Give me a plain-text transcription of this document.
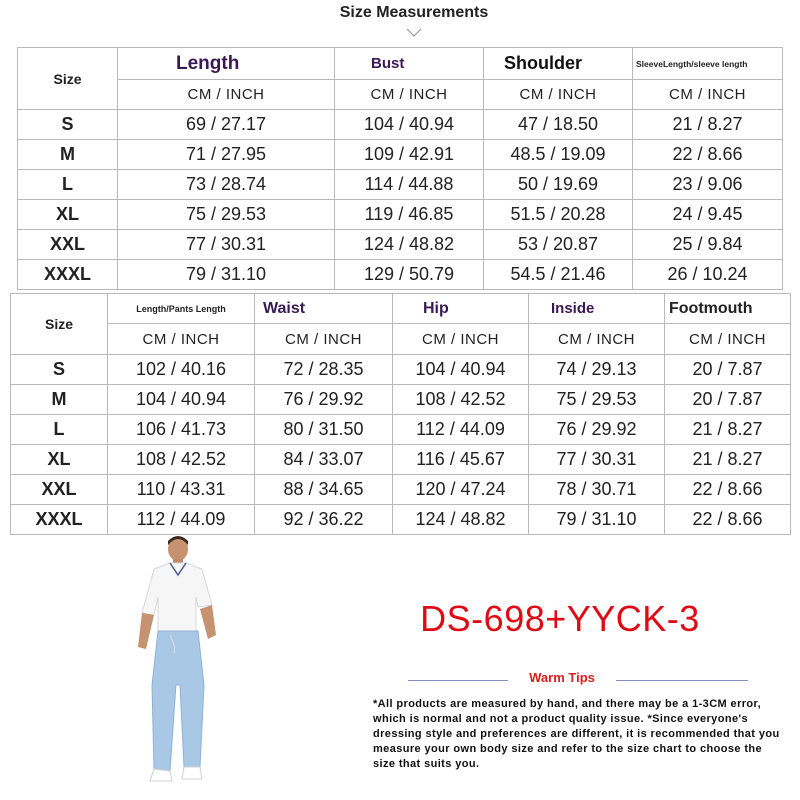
Size Measurements
Size	Length	Bust	Shoulder	SleeveLength/sleeve length
	CM / INCH	CM / INCH	CM / INCH	CM / INCH
S	69 / 27.17	104 / 40.94	47 / 18.50	21 / 8.27
M	71 / 27.95	109 / 42.91	48.5 / 19.09	22 / 8.66
L	73 / 28.74	114 / 44.88	50 / 19.69	23 / 9.06
XL	75 / 29.53	119 / 46.85	51.5 / 20.28	24 / 9.45
XXL	77 / 30.31	124 / 48.82	53 / 20.87	25 / 9.84
XXXL	79 / 31.10	129 / 50.79	54.5 / 21.46	26 / 10.24
Size	Length/Pants Length	Waist	Hip	Inside	Footmouth
	CM / INCH	CM / INCH	CM / INCH	CM / INCH	CM / INCH
S	102 / 40.16	72 / 28.35	104 / 40.94	74 / 29.13	20 / 7.87
M	104 / 40.94	76 / 29.92	108 / 42.52	75 / 29.53	20 / 7.87
L	106 / 41.73	80 / 31.50	112 / 44.09	76 / 29.92	21 / 8.27
XL	108 / 42.52	84 / 33.07	116 / 45.67	77 / 30.31	21 / 8.27
XXL	110 / 43.31	88 / 34.65	120 / 47.24	78 / 30.71	22 / 8.66
XXXL	112 / 44.09	92 / 36.22	124 / 48.82	79 / 31.10	22 / 8.66
DS-698+YYCK-3
Warm Tips
*All products are measured by hand, and there may be a 1-3CM error, which is normal and not a product quality issue. *Since everyone's dressing style and preferences are different, it is recommended that you measure your own body size and refer to the size chart to choose the size that suits you.
